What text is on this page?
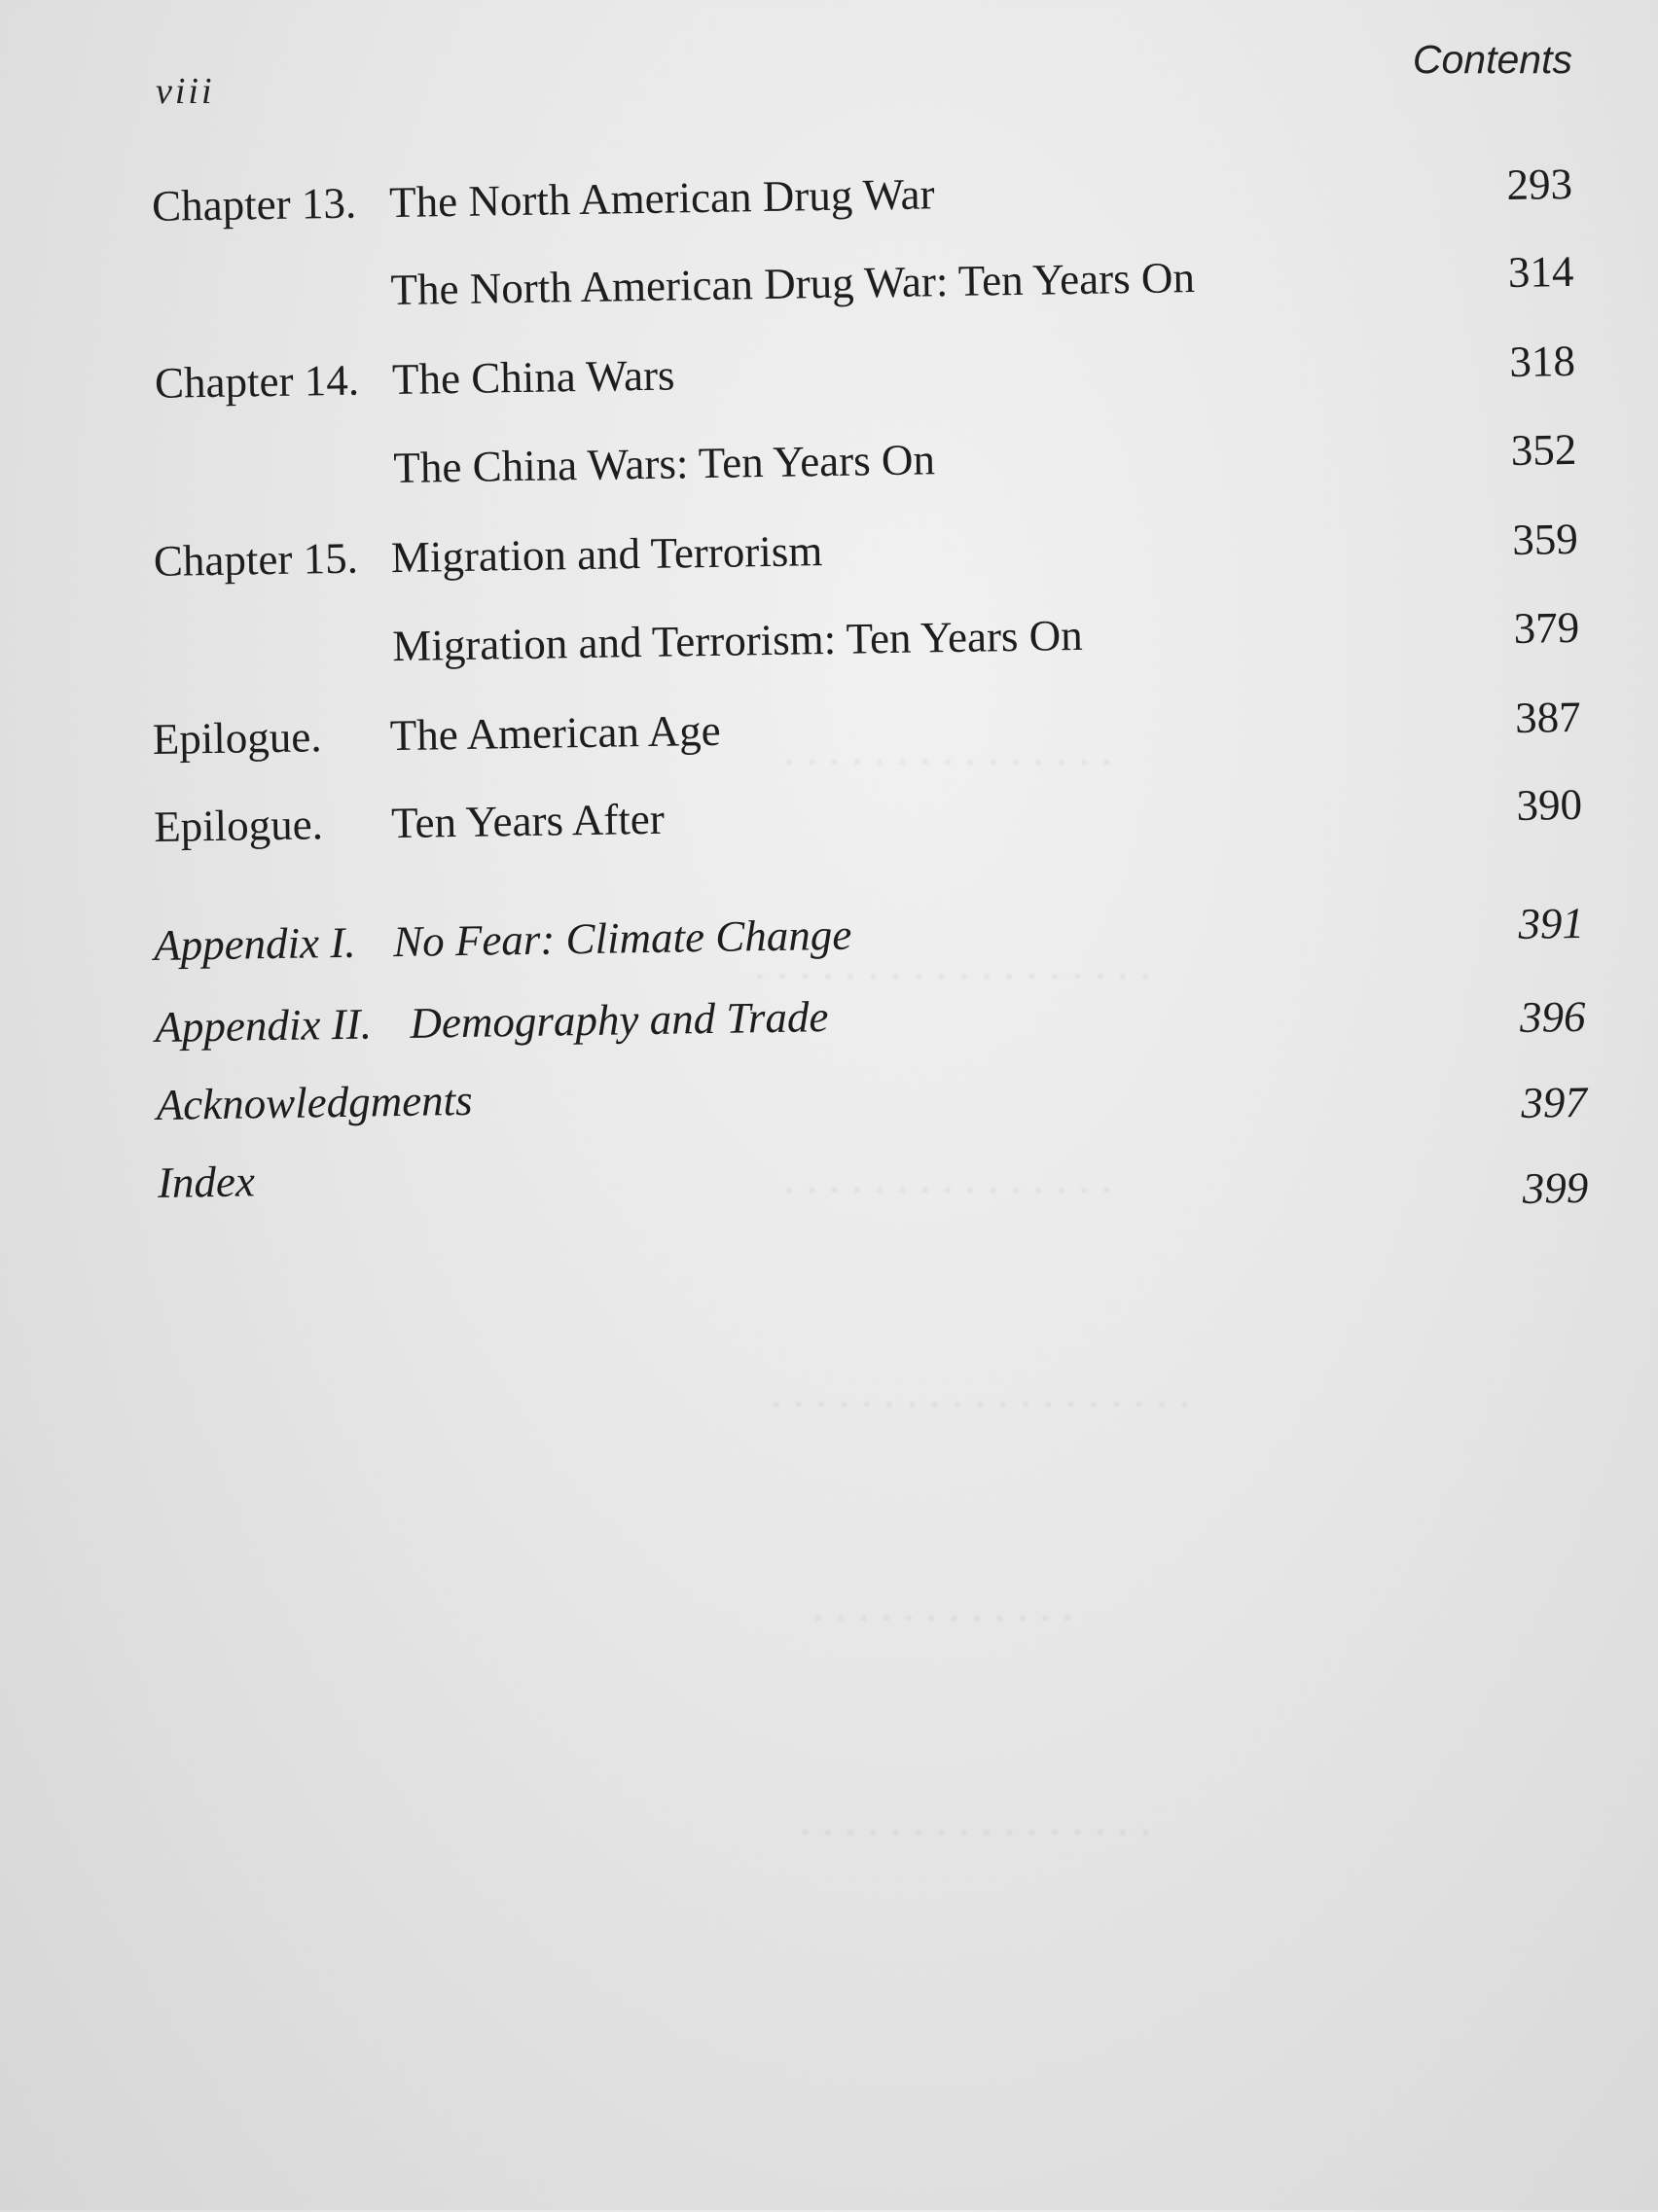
· · · · · · · · · · · · · · ·
· · · · · · · · · · · · · · · · · ·
· · · · · · · · · · · · · · ·
· · · · · · · · · · · · · · · · · · ·
· · · · · · · · · · · ·
· · · · · · · · · · · · · · · ·
viii
Contents
Chapter 13. The North American Drug War	293
The North American Drug War: Ten Years On	314
Chapter 14. The China Wars	318
The China Wars: Ten Years On	352
Chapter 15. Migration and Terrorism	359
Migration and Terrorism: Ten Years On	379
Epilogue. The American Age	387
Epilogue. Ten Years After	390
Appendix I. No Fear: Climate Change	391
Appendix II. Demography and Trade	396
Acknowledgments	397
Index	399
